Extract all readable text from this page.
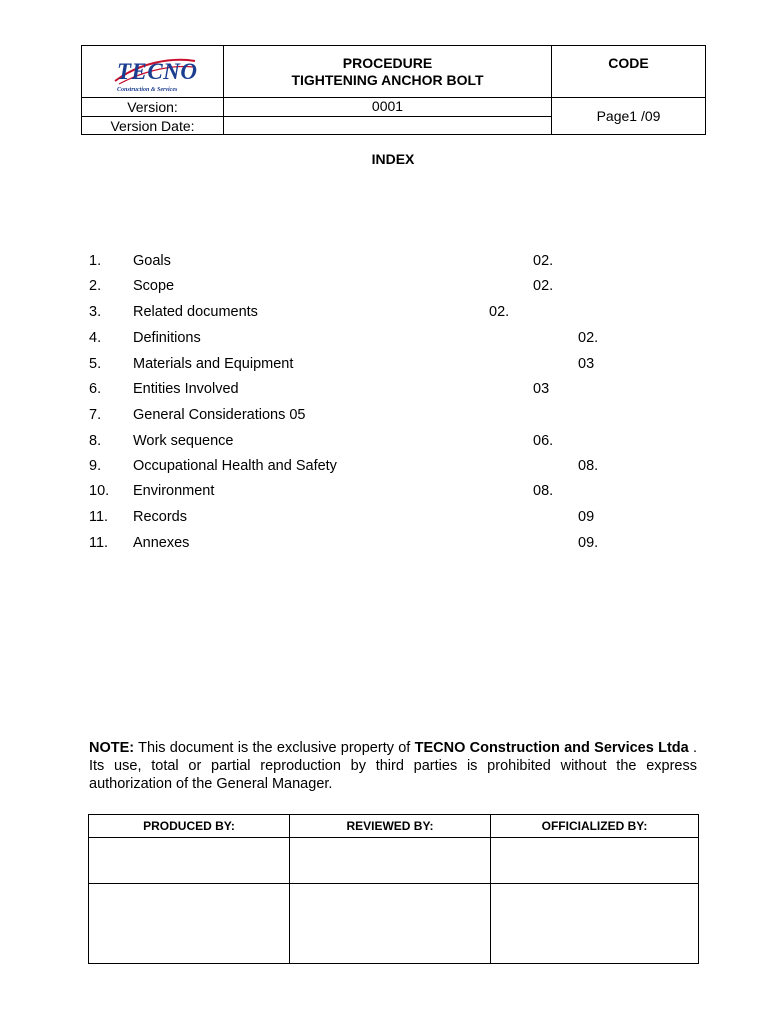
TECNO
Construction & Services
PROCEDURE
TIGHTENING ANCHOR BOLT
CODE
Version:	0001
Version Date:
Page1 /09
INDEX
1. Goals	02.
2. Scope	02.
3. Related documents	02.
4. Definitions	02.
5. Materials and Equipment	03
6. Entities Involved	03
7. General Considerations 05
8. Work sequence	06.
9. Occupational Health and Safety	08.
10. Environment	08.
11. Records	09
11. Annexes	09.
NOTE: This document is the exclusive property of TECNO Construction and Services Ltda . Its use, total or partial reproduction by third parties is prohibited without the express authorization of the General Manager.
PRODUCED BY:	REVIEWED BY:	OFFICIALIZED BY:
